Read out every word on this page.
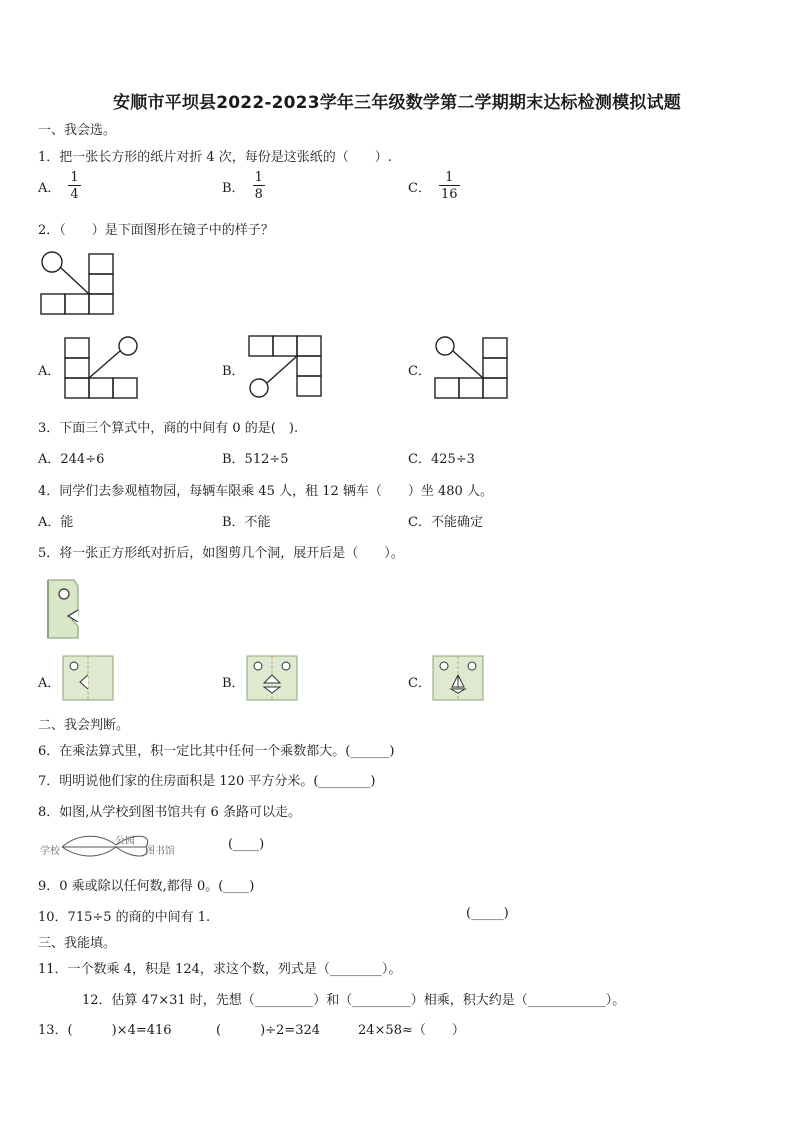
安顺市平坝县2022-2023学年三年级数学第二学期期末达标检测模拟试题
一、我会选。
1．把一张长方形的纸片对折 4 次，每份是这张纸的（　　）.
A． $\frac{1}{4}$	B． $\frac{1}{8}$	C． $\frac{1}{16}$
2．（　　）是下面图形在镜子中的样子？
A．	B．	C．
3．下面三个算式中，商的中间有 0 的是(　).
A．244÷6	B．512÷5	C．425÷3
4．同学们去参观植物园，每辆车限乘 45 人，租 12 辆车（　　）坐 480 人。
A．能	B．不能	C．不能确定
5．将一张正方形纸对折后，如图剪几个洞，展开后是（　　）。
A．	B．	C．
二、我会判断。
6．在乘法算式里，积一定比其中任何一个乘数都大。(______)
7．明明说他们家的住房面积是 120 平方分米。(________)
8．如图,从学校到图书馆共有 6 条路可以走。
学校
公园
图书馆	(____)
9．0 乘或除以任何数,都得 0。(____)
10．715÷5 的商的中间有 1.	(_____)
三、我能填。
11．一个数乘 4，积是 124，求这个数，列式是（________）。
12．估算 47×31 时，先想（_________）和（_________）相乘，积大约是（____________）。
13．(　　　)×4=416	(　　　)÷2=324	24×58≈（　　）
